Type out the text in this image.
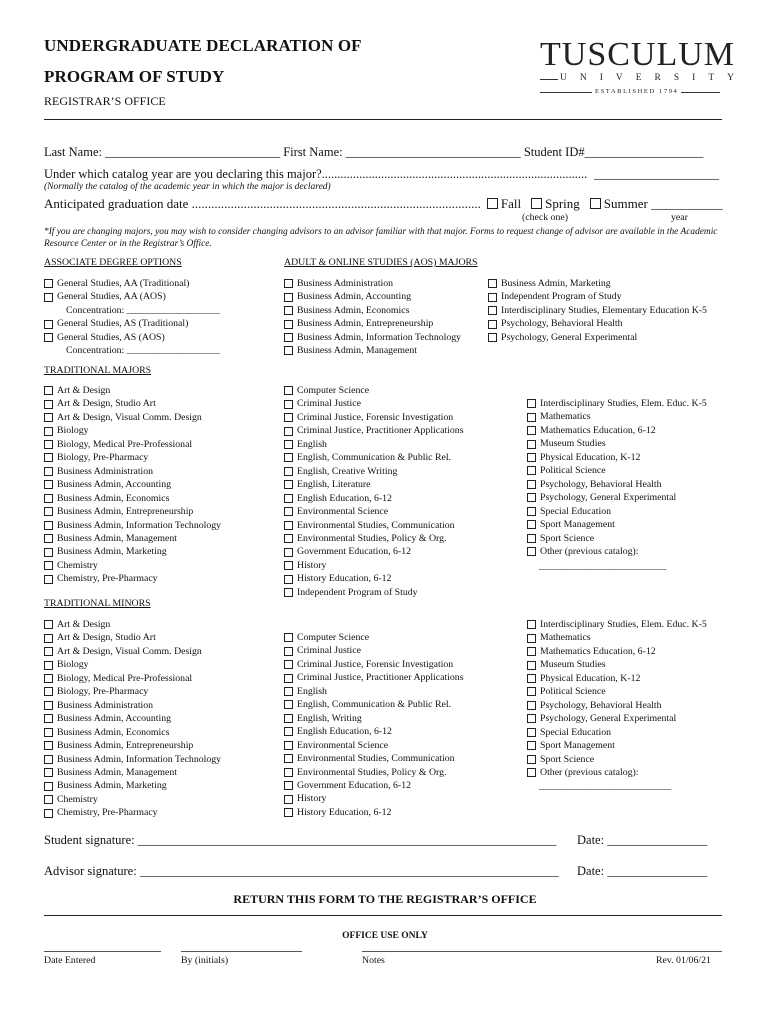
UNDERGRADUATE DECLARATION OF
PROGRAM OF STUDY
REGISTRAR’S OFFICE
TUSCULUM
UNIVERSITY
ESTABLISHED 1794
Last Name: ____________________________ First Name: ____________________________ Student ID#___________________
Under which catalog year are you declaring this major?..................................................................................... ____________________
(Normally the catalog of the academic year in which the major is declared)
Anticipated graduation date ......................................................................................... Fall Spring Summer ___________
(check one)	year
*If you are changing majors, you may wish to consider changing advisors to an advisor familiar with that major. Forms to request change of advisor are available in the Academic Resource Center or in the Registrar’s Office.
ASSOCIATE DEGREE OPTIONS	ADULT & ONLINE STUDIES (AOS) MAJORS
General Studies, AA (Traditional)
General Studies, AA (AOS)
Concentration: ___________________
General Studies, AS (Traditional)
General Studies, AS (AOS)
Concentration: ___________________
Business Administration
Business Admin, Accounting
Business Admin, Economics
Business Admin, Entrepreneurship
Business Admin, Information Technology
Business Admin, Management
Business Admin, Marketing
Independent Program of Study
Interdisciplinary Studies, Elementary Education K-5
Psychology, Behavioral Health
Psychology, General Experimental
TRADITIONAL MAJORS
Art & Design
Art & Design, Studio Art
Art & Design, Visual Comm. Design
Biology
Biology, Medical Pre-Professional
Biology, Pre-Pharmacy
Business Administration
Business Admin, Accounting
Business Admin, Economics
Business Admin, Entrepreneurship
Business Admin, Information Technology
Business Admin, Management
Business Admin, Marketing
Chemistry
Chemistry, Pre-Pharmacy
Computer Science
Criminal Justice
Criminal Justice, Forensic Investigation
Criminal Justice, Practitioner Applications
English
English, Communication & Public Rel.
English, Creative Writing
English, Literature
English Education, 6-12
Environmental Science
Environmental Studies, Communication
Environmental Studies, Policy & Org.
Government Education, 6-12
History
History Education, 6-12
Independent Program of Study
Interdisciplinary Studies, Elem. Educ. K-5
Mathematics
Mathematics Education, 6-12
Museum Studies
Physical Education, K-12
Political Science
Psychology, Behavioral Health
Psychology, General Experimental
Special Education
Sport Management
Sport Science
Other (previous catalog):
__________________________
TRADITIONAL MINORS
Art & Design
Art & Design, Studio Art
Art & Design, Visual Comm. Design
Biology
Biology, Medical Pre-Professional
Biology, Pre-Pharmacy
Business Administration
Business Admin, Accounting
Business Admin, Economics
Business Admin, Entrepreneurship
Business Admin, Information Technology
Business Admin, Management
Business Admin, Marketing
Chemistry
Chemistry, Pre-Pharmacy
Computer Science
Criminal Justice
Criminal Justice, Forensic Investigation
Criminal Justice, Practitioner Applications
English
English, Communication & Public Rel.
English, Writing
English Education, 6-12
Environmental Science
Environmental Studies, Communication
Environmental Studies, Policy & Org.
Government Education, 6-12
History
History Education, 6-12
Interdisciplinary Studies, Elem. Educ. K-5
Mathematics
Mathematics Education, 6-12
Museum Studies
Physical Education, K-12
Political Science
Psychology, Behavioral Health
Psychology, General Experimental
Special Education
Sport Management
Sport Science
Other (previous catalog):
___________________________
Student signature: ___________________________________________________________________ Date: ________________
Advisor signature: ___________________________________________________________________ Date: ________________
RETURN THIS FORM TO THE REGISTRAR’S OFFICE
OFFICE USE ONLY
Date Entered	By (initials)	Notes	Rev. 01/06/21
